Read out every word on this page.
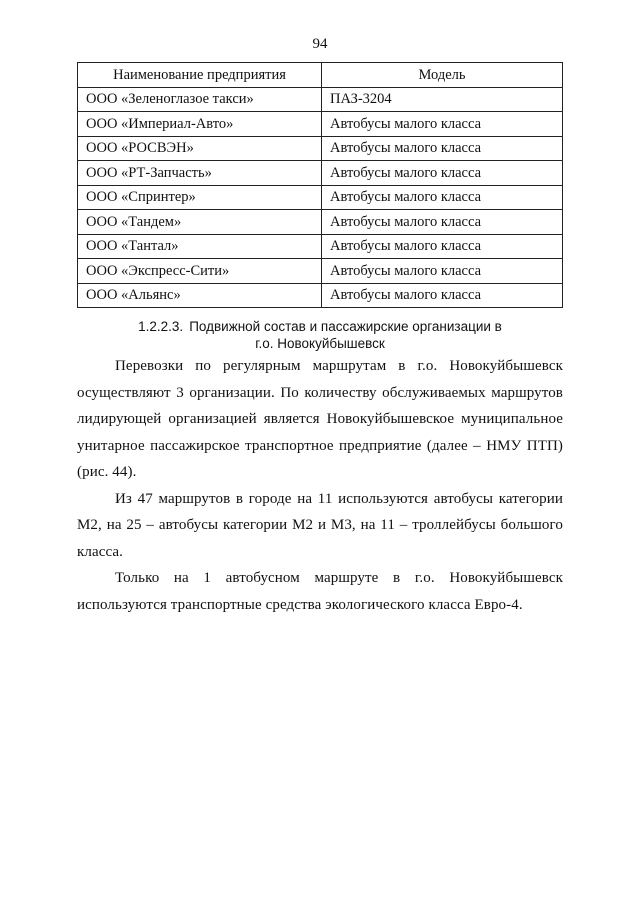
94
Наименование предприятия	Модель
ООО «Зеленоглазое такси»	ПАЗ-3204
ООО «Империал-Авто»	Автобусы малого класса
ООО «РОСВЭН»	Автобусы малого класса
ООО «РТ-Запчасть»	Автобусы малого класса
ООО «Спринтер»	Автобусы малого класса
ООО «Тандем»	Автобусы малого класса
ООО «Тантал»	Автобусы малого класса
ООО «Экспресс-Сити»	Автобусы малого класса
ООО «Альянс»	Автобусы малого класса
1.2.2.3. Подвижной состав и пассажирские организации в
г.о. Новокуйбышевск

Перевозки по регулярным маршрутам в г.о. Новокуйбышевск осуществляют 3 организации. По количеству обслуживаемых маршрутов лидирующей организацией является Новокуйбышевское муниципальное унитарное пассажирское транспортное предприятие (далее – НМУ ПТП) (рис. 44).

Из 47 маршрутов в городе на 11 используются автобусы категории М2, на 25 – автобусы категории М2 и М3, на 11 – троллейбусы большого класса.

Только на 1 автобусном маршруте в г.о. Новокуйбышевск используются транспортные средства экологического класса Евро-4.
